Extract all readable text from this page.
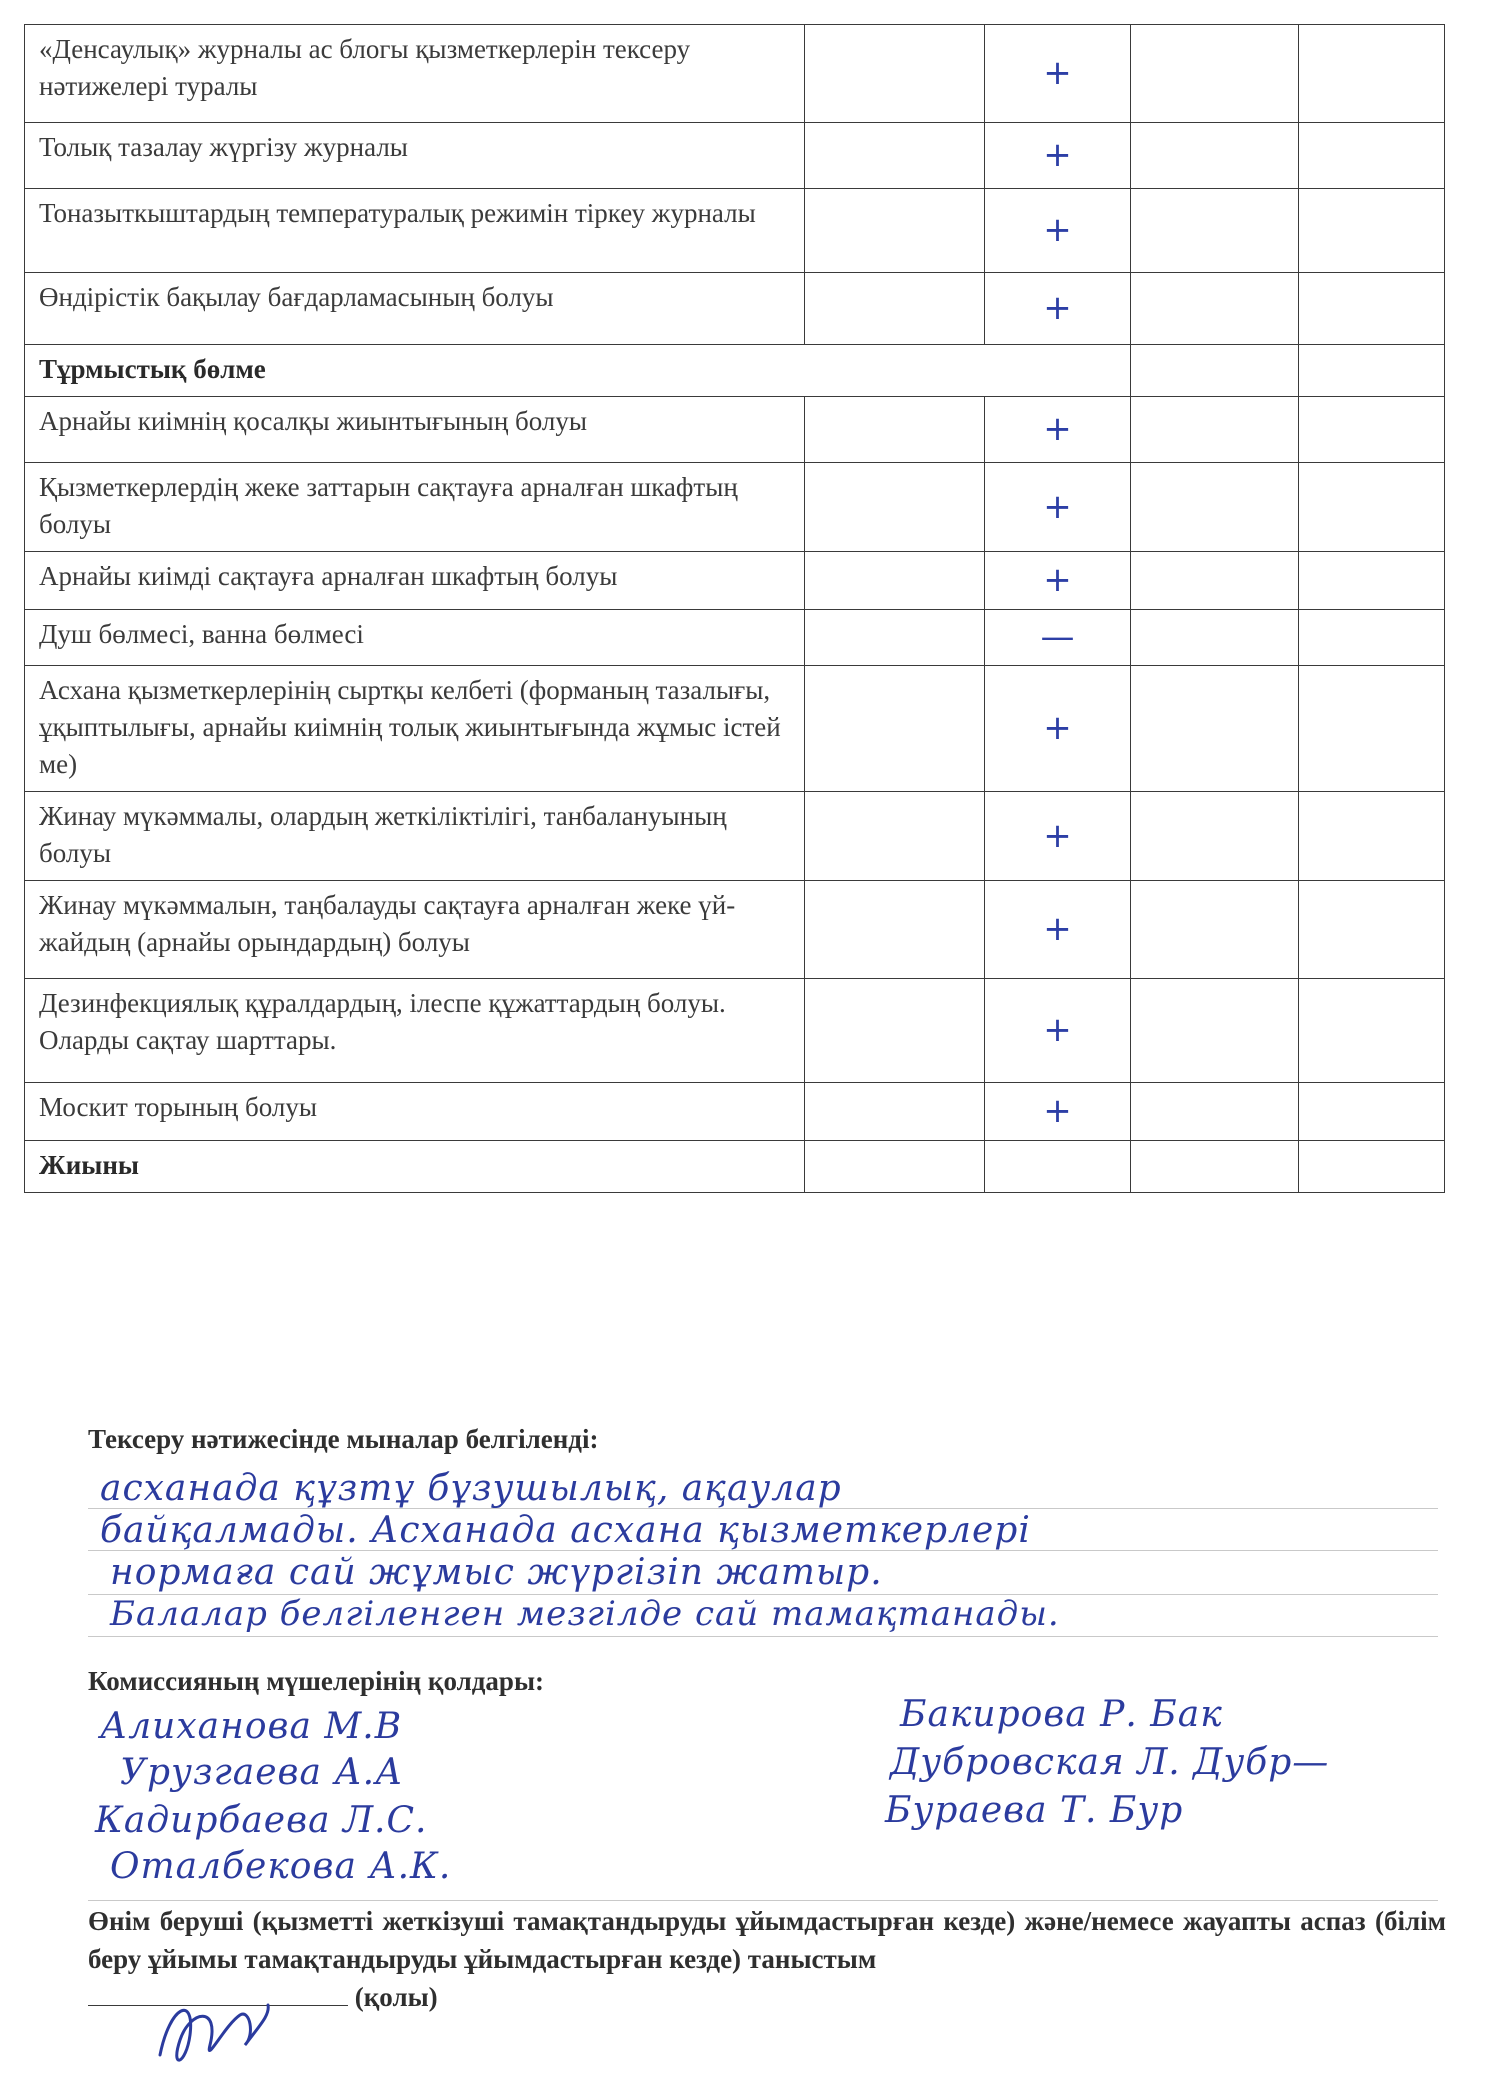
«Денсаулық» журналы ас блогы қызметкерлерін тексеру нәтижелері туралы		+		
Толық тазалау жүргізу журналы		+		
Тоназыткыштардың температуралық режимін тіркеу журналы		+		
Өндірістік бақылау бағдарламасының болуы		+		
Тұрмыстық бөлме				
Арнайы киімнің қосалқы жиынтығының болуы		+		
Қызметкерлердің жеке заттарын сақтауға арналған шкафтың болуы		+		
Арнайы киімді сақтауға арналған шкафтың болуы		+		
Душ бөлмесі, ванна бөлмесі		—		
Асхана қызметкерлерінің сыртқы келбеті (форманың тазалығы, ұқыптылығы, арнайы киімнің толық жиынтығында жұмыс істей ме)		+		
Жинау мүкәммалы, олардың жеткіліктілігі, танбалануының болуы		+		
Жинау мүкәммалын, таңбалауды сақтауға арналған жеке үй-жайдың (арнайы орындардың) болуы		+		
Дезинфекциялық құралдардың, ілеспе құжаттардың болуы. Оларды сақтау шарттары.		+		
Москит торының болуы		+		
Жиыны				
Тексеру нәтижесінде мыналар белгіленді:
асханада құзтұ бұзушылық, ақаулар
байқалмады. Асханада асхана қызметкерлері
нормаға сай жұмыс жүргізіп жатыр.
Балалар белгіленген мезгілде сай тамақтанады.
Комиссияның мүшелерінің қолдары:
Алиханова М.В
Урузгаева А.А
Кадирбаева Л.С.
Оталбекова А.К.
Бакирова Р. Бак
Дубровская Л. Дубр—
Бураева Т. Бур
Өнім беруші (қызметті жеткізуші тамақтандыруды ұйымдастырған кезде) және/немесе жауапты аспаз (білім беру ұйымы тамақтандыруды ұйымдастырған кезде) таныстым
(қолы)
